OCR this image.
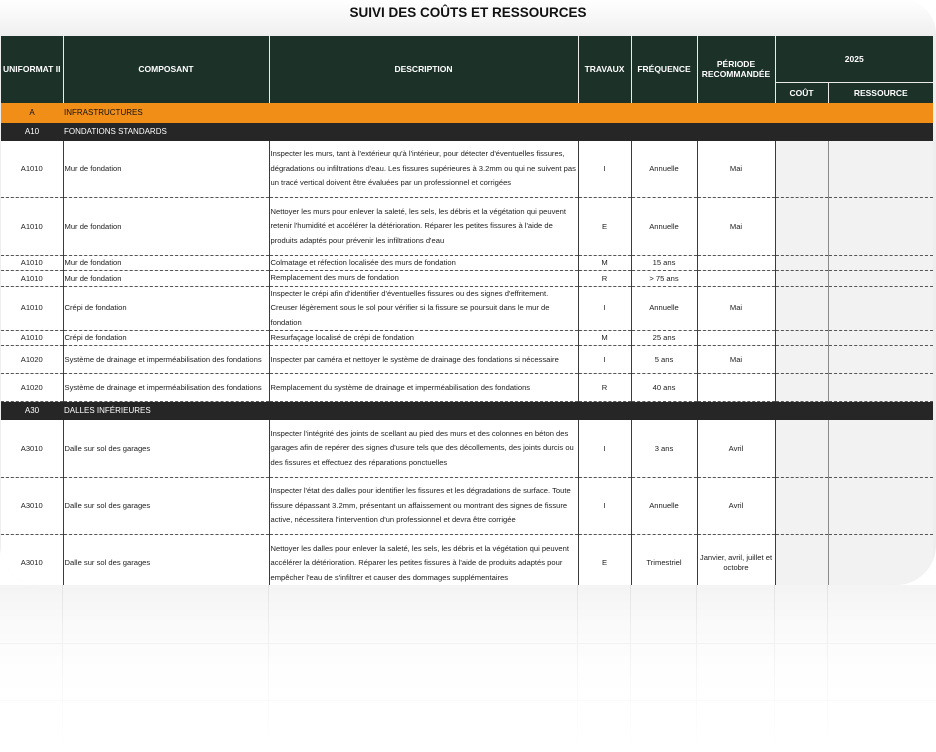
SUIVI DES COÛTS ET RESSOURCES
UNIFORMAT II	COMPOSANT	DESCRIPTION	TRAVAUX	FRÉQUENCE	PÉRIODE RECOMMANDÉE	2025	
						COÛT	RESSOURCE
A	INFRASTRUCTURES						
A10	FONDATIONS STANDARDS						
A1010	Mur de fondation	Inspecter les murs, tant à l'extérieur qu'à l'intérieur, pour détecter d'éventuelles fissures, dégradations ou infiltrations d'eau. Les fissures supérieures à 3.2mm ou qui ne suivent pas un tracé vertical doivent être évaluées par un professionnel et corrigées	I	Annuelle	Mai		
A1010	Mur de fondation	Nettoyer les murs pour enlever la saleté, les sels, les débris et la végétation qui peuvent retenir l'humidité et accélérer la détérioration. Réparer les petites fissures à l'aide de produits adaptés pour prévenir les infiltrations d'eau	E	Annuelle	Mai		
A1010	Mur de fondation	Colmatage et réfection localisée des murs de fondation	M	15 ans			
A1010	Mur de fondation	Remplacement des murs de fondation	R	> 75 ans			
A1010	Crépi de fondation	Inspecter le crépi afin d'identifier d'éventuelles fissures ou des signes d'effritement. Creuser légèrement sous le sol pour vérifier si la fissure se poursuit dans le mur de fondation	I	Annuelle	Mai		
A1010	Crépi de fondation	Resurfaçage localisé de crépi de fondation	M	25 ans			
A1020	Système de drainage et imperméabilisation des fondations	Inspecter par caméra et nettoyer le système de drainage des fondations si nécessaire	I	5 ans	Mai		
A1020	Système de drainage et imperméabilisation des fondations	Remplacement du système de drainage et imperméabilisation des fondations	R	40 ans			
A30	DALLES INFÉRIEURES						
A3010	Dalle sur sol des garages	Inspecter l'intégrité des joints de scellant au pied des murs et des colonnes en béton des garages afin de repérer des signes d'usure tels que des décollements, des joints durcis ou des fissures et effectuez des réparations ponctuelles	I	3 ans	Avril		
A3010	Dalle sur sol des garages	Inspecter l'état des dalles pour identifier les fissures et les dégradations de surface. Toute fissure dépassant 3.2mm, présentant un affaissement ou montrant des signes de fissure active, nécessitera l'intervention d'un professionnel et devra être corrigée	I	Annuelle	Avril		
A3010	Dalle sur sol des garages	Nettoyer les dalles pour enlever la saleté, les sels, les débris et la végétation qui peuvent accélérer la détérioration. Réparer les petites fissures à l'aide de produits adaptés pour empêcher l'eau de s'infiltrer et causer des dommages supplémentaires	E	Trimestriel	Janvier, avril, juillet et octobre		
